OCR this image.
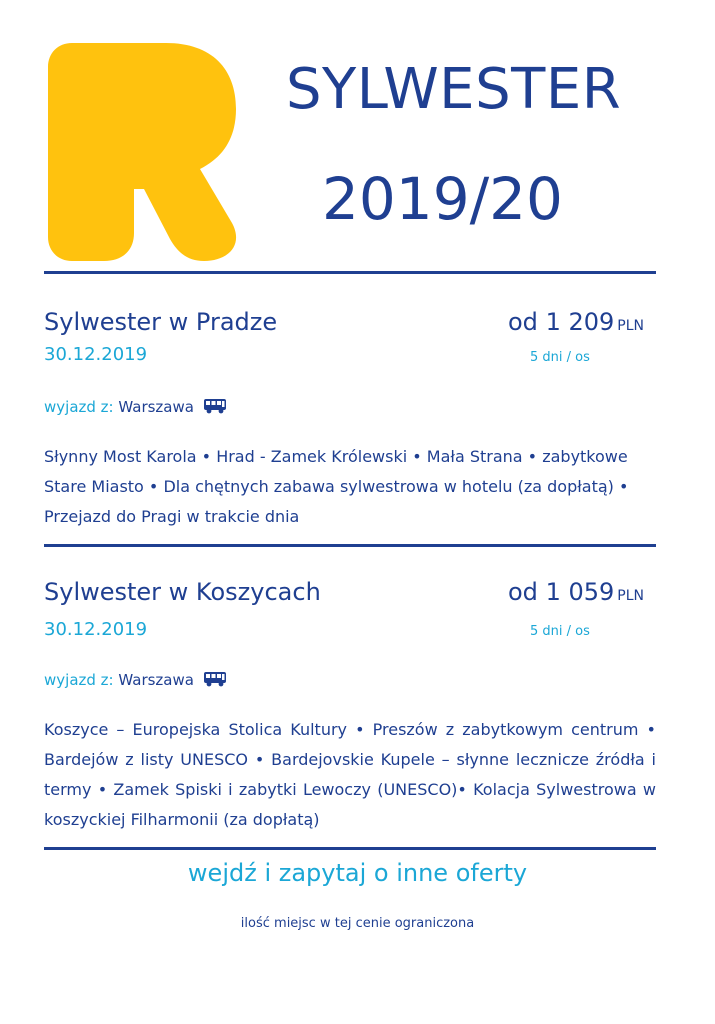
SYLWESTER
2019/20
Sylwester w Pradze	od 1 209 PLN
30.12.2019	5 dni / os
wyjazd z: Warszawa
Słynny Most Karola • Hrad - Zamek Królewski • Mała Strana • zabytkowe Stare Miasto • Dla chętnych zabawa sylwestrowa w hotelu (za dopłatą) • Przejazd do Pragi w trakcie dnia
Sylwester w Koszycach	od 1 059 PLN
30.12.2019	5 dni / os
wyjazd z: Warszawa
Koszyce – Europejska Stolica Kultury • Preszów z zabytkowym centrum • Bardejów z listy UNESCO • Bardejovskie Kupele – słynne lecznicze źródła i termy • Zamek Spiski i zabytki Lewoczy (UNESCO)• Kolacja Sylwestrowa w koszyckiej Filharmonii (za dopłatą)
wejdź i zapytaj o inne oferty
ilość miejsc w tej cenie ograniczona
